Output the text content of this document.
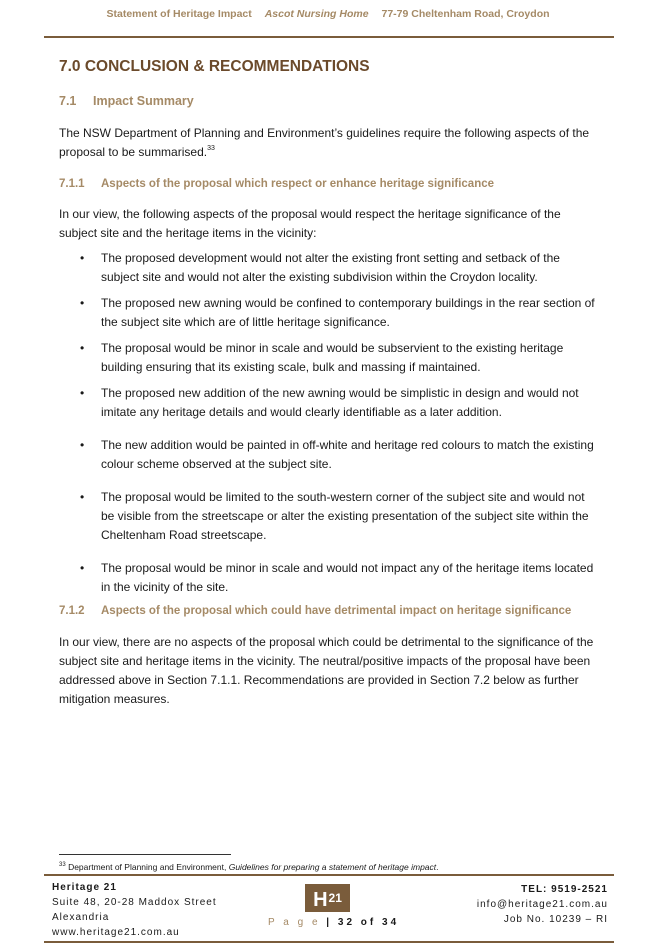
Statement of Heritage Impact Ascot Nursing Home 77-79 Cheltenham Road, Croydon
7.0 CONCLUSION & RECOMMENDATIONS
7.1 Impact Summary

The NSW Department of Planning and Environment’s guidelines require the following aspects of the proposal to be summarised.$^{33}$

7.1.1 Aspects of the proposal which respect or enhance heritage significance

In our view, the following aspects of the proposal would respect the heritage significance of the subject site and the heritage items in the vicinity:

• The proposed development would not alter the existing front setting and setback of the subject site and would not alter the existing subdivision within the Croydon locality.
• The proposed new awning would be confined to contemporary buildings in the rear section of the subject site which are of little heritage significance.
• The proposal would be minor in scale and would be subservient to the existing heritage building ensuring that its existing scale, bulk and massing if maintained.
• The proposed new addition of the new awning would be simplistic in design and would not imitate any heritage details and would clearly identifiable as a later addition.
• The new addition would be painted in off-white and heritage red colours to match the existing colour scheme observed at the subject site.
• The proposal would be limited to the south-western corner of the subject site and would not be visible from the streetscape or alter the existing presentation of the subject site within the Cheltenham Road streetscape.
• The proposal would be minor in scale and would not impact any of the heritage items located in the vicinity of the site.
7.1.2 Aspects of the proposal which could have detrimental impact on heritage significance

In our view, there are no aspects of the proposal which could be detrimental to the significance of the subject site and heritage items in the vicinity. The neutral/positive impacts of the proposal have been addressed above in Section 7.1.1. Recommendations are provided in Section 7.2 below as further mitigation measures.

$^{33}$ Department of Planning and Environment, Guidelines for preparing a statement of heritage impact.
Heritage 21
Suite 48, 20-28 Maddox Street
Alexandria
www.heritage21.com.au
$H^{21}$
P a g e | 32 of 34
TEL: 9519-2521
info@heritage21.com.au
Job No. 10239 – RI
